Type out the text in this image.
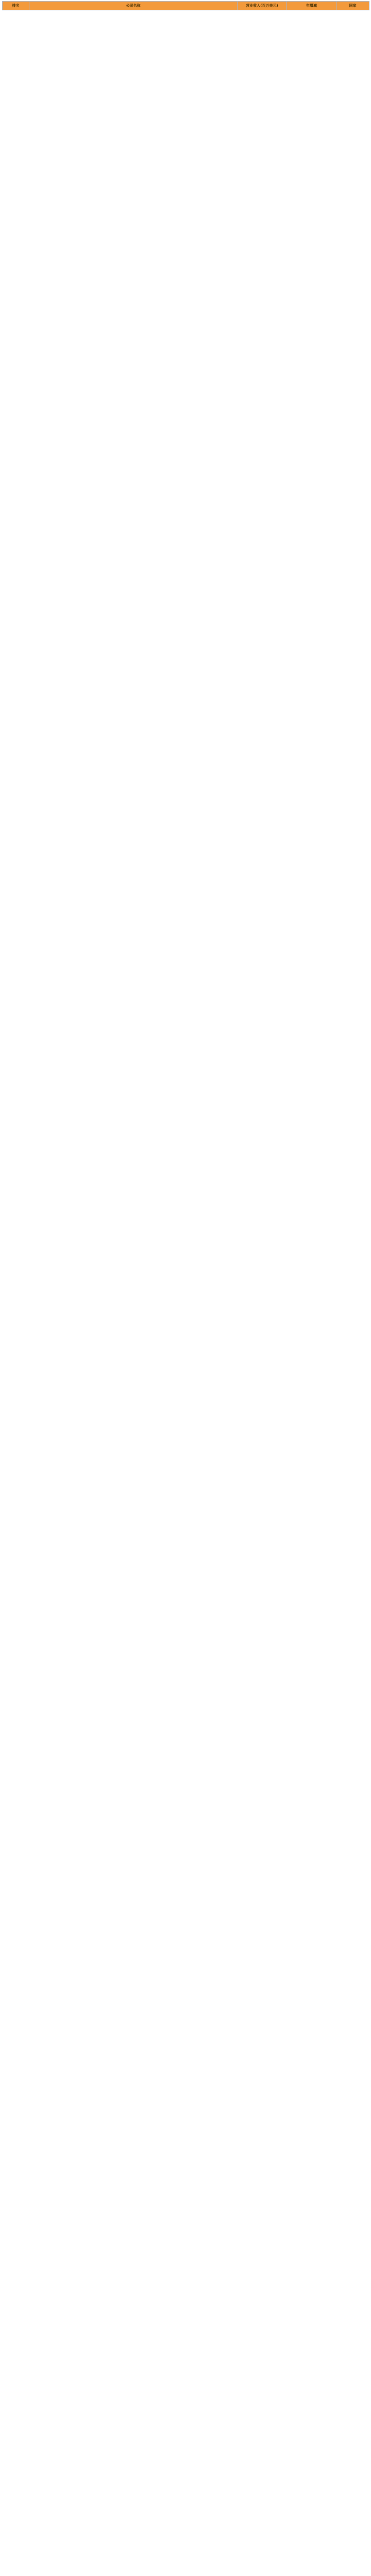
排名	公司名称	营业收入(百万美元)	年增减	国家
